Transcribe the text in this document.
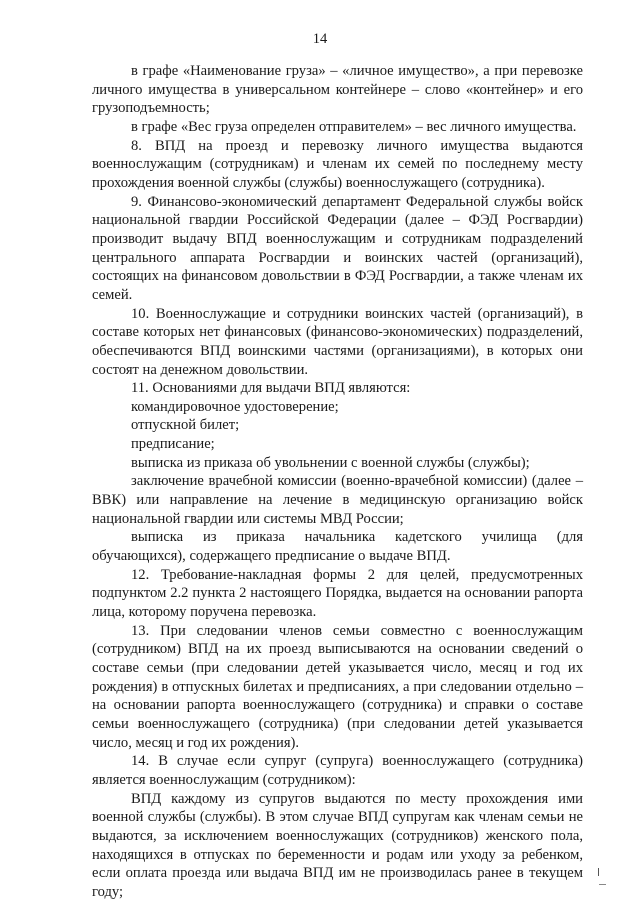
14

в графе «Наименование груза» – «личное имущество», а при перевозке личного имущества в универсальном контейнере – слово «контейнер» и его грузоподъемность;

в графе «Вес груза определен отправителем» – вес личного имущества.

8. ВПД на проезд и перевозку личного имущества выдаются военнослужащим (сотрудникам) и членам их семей по последнему месту прохождения военной службы (службы) военнослужащего (сотрудника).

9. Финансово-экономический департамент Федеральной службы войск национальной гвардии Российской Федерации (далее – ФЭД Росгвардии) производит выдачу ВПД военнослужащим и сотрудникам подразделений центрального аппарата Росгвардии и воинских частей (организаций), состоящих на финансовом довольствии в ФЭД Росгвардии, а также членам их семей.

10. Военнослужащие и сотрудники воинских частей (организаций), в составе которых нет финансовых (финансово-экономических) подразделений, обеспечиваются ВПД воинскими частями (организациями), в которых они состоят на денежном довольствии.

11. Основаниями для выдачи ВПД являются:

командировочное удостоверение;

отпускной билет;

предписание;

выписка из приказа об увольнении с военной службы (службы);

заключение врачебной комиссии (военно-врачебной комиссии) (далее – ВВК) или направление на лечение в медицинскую организацию войск национальной гвардии или системы МВД России;

выписка из приказа начальника кадетского училища (для обучающихся), содержащего предписание о выдаче ВПД.

12. Требование-накладная формы 2 для целей, предусмотренных подпунктом 2.2 пункта 2 настоящего Порядка, выдается на основании рапорта лица, которому поручена перевозка.

13. При следовании членов семьи совместно с военнослужащим (сотрудником) ВПД на их проезд выписываются на основании сведений о составе семьи (при следовании детей указывается число, месяц и год их рождения) в отпускных билетах и предписаниях, а при следовании отдельно – на основании рапорта военнослужащего (сотрудника) и справки о составе семьи военнослужащего (сотрудника) (при следовании детей указывается число, месяц и год их рождения).

14. В случае если супруг (супруга) военнослужащего (сотрудника) является военнослужащим (сотрудником):

ВПД каждому из супругов выдаются по месту прохождения ими военной службы (службы). В этом случае ВПД супругам как членам семьи не выдаются, за исключением военнослужащих (сотрудников) женского пола, находящихся в отпусках по беременности и родам или уходу за ребенком, если оплата проезда или выдача ВПД им не производилась ранее в текущем году;
